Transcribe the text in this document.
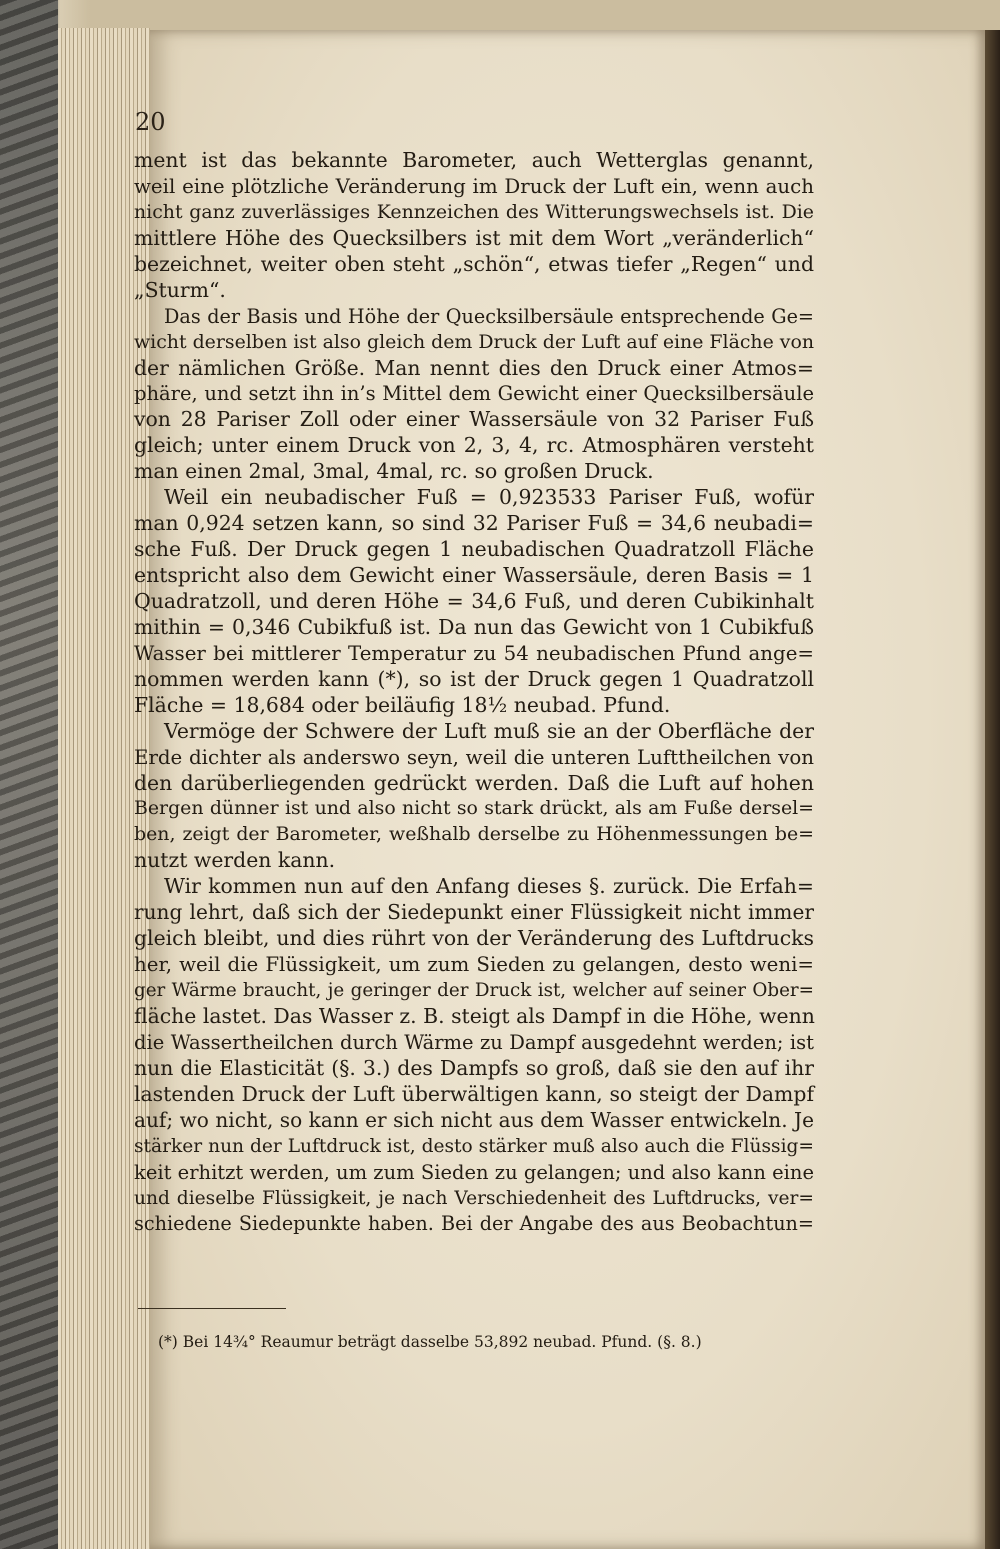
20
ment ist das bekannte Barometer, auch Wetterglas genannt,
weil eine plötzliche Veränderung im Druck der Luft ein, wenn auch
nicht ganz zuverlässiges Kennzeichen des Witterungswechsels ist. Die
mittlere Höhe des Quecksilbers ist mit dem Wort „veränderlich“
bezeichnet, weiter oben steht „schön“, etwas tiefer „Regen“ und
„Sturm“.
Das der Basis und Höhe der Quecksilbersäule entsprechende Ge=
wicht derselben ist also gleich dem Druck der Luft auf eine Fläche von
der nämlichen Größe. Man nennt dies den Druck einer Atmos=
phäre, und setzt ihn in’s Mittel dem Gewicht einer Quecksilbersäule
von 28 Pariser Zoll oder einer Wassersäule von 32 Pariser Fuß
gleich; unter einem Druck von 2, 3, 4, rc. Atmosphären versteht
man einen 2mal, 3mal, 4mal, rc. so großen Druck.
Weil ein neubadischer Fuß = 0,923533 Pariser Fuß, wofür
man 0,924 setzen kann, so sind 32 Pariser Fuß = 34,6 neubadi=
sche Fuß. Der Druck gegen 1 neubadischen Quadratzoll Fläche
entspricht also dem Gewicht einer Wassersäule, deren Basis = 1
Quadratzoll, und deren Höhe = 34,6 Fuß, und deren Cubikinhalt
mithin = 0,346 Cubikfuß ist. Da nun das Gewicht von 1 Cubikfuß
Wasser bei mittlerer Temperatur zu 54 neubadischen Pfund ange=
nommen werden kann (*), so ist der Druck gegen 1 Quadratzoll
Fläche = 18,684 oder beiläufig 18½ neubad. Pfund.
Vermöge der Schwere der Luft muß sie an der Oberfläche der
Erde dichter als anderswo seyn, weil die unteren Lufttheilchen von
den darüberliegenden gedrückt werden. Daß die Luft auf hohen
Bergen dünner ist und also nicht so stark drückt, als am Fuße dersel=
ben, zeigt der Barometer, weßhalb derselbe zu Höhenmessungen be=
nutzt werden kann.
Wir kommen nun auf den Anfang dieses §. zurück. Die Erfah=
rung lehrt, daß sich der Siedepunkt einer Flüssigkeit nicht immer
gleich bleibt, und dies rührt von der Veränderung des Luftdrucks
her, weil die Flüssigkeit, um zum Sieden zu gelangen, desto weni=
ger Wärme braucht, je geringer der Druck ist, welcher auf seiner Ober=
fläche lastet. Das Wasser z. B. steigt als Dampf in die Höhe, wenn
die Wassertheilchen durch Wärme zu Dampf ausgedehnt werden; ist
nun die Elasticität (§. 3.) des Dampfs so groß, daß sie den auf ihr
lastenden Druck der Luft überwältigen kann, so steigt der Dampf
auf; wo nicht, so kann er sich nicht aus dem Wasser entwickeln. Je
stärker nun der Luftdruck ist, desto stärker muß also auch die Flüssig=
keit erhitzt werden, um zum Sieden zu gelangen; und also kann eine
und dieselbe Flüssigkeit, je nach Verschiedenheit des Luftdrucks, ver=
schiedene Siedepunkte haben. Bei der Angabe des aus Beobachtun=
(*) Bei 14¾° Reaumur beträgt dasselbe 53,892 neubad. Pfund. (§. 8.)
